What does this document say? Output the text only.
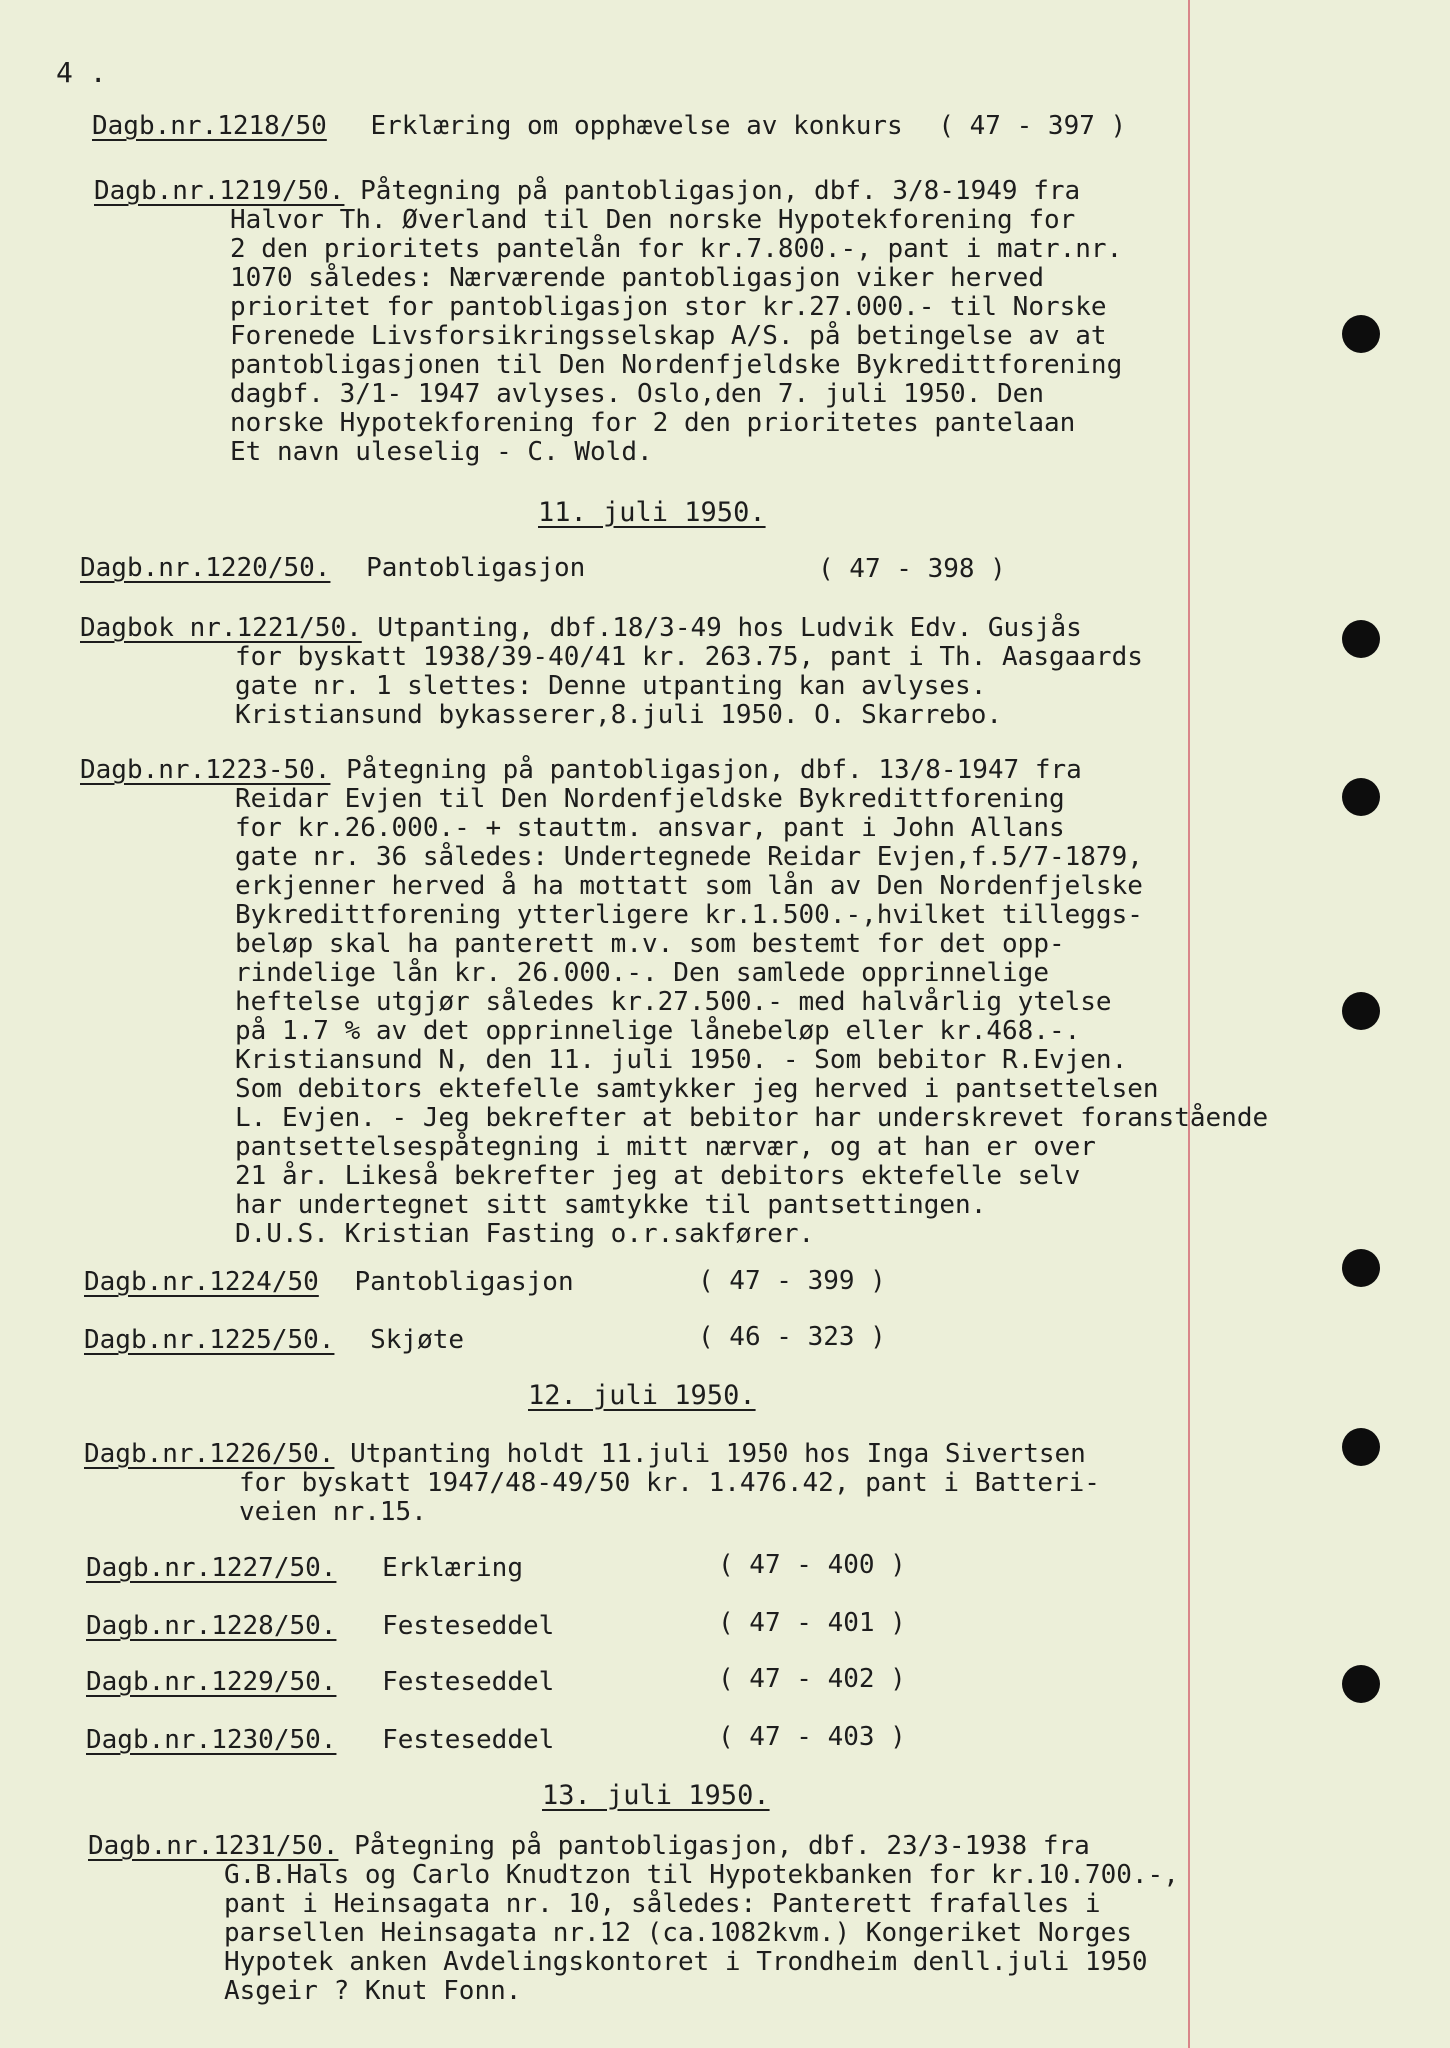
4 .
Dagb.nr.1218/50 Erklæring om opphævelse av konkurs ( 47 - 397 )
Dagb.nr.1219/50. Påtegning på pantobligasjon, dbf. 3/8-1949 fra
Halvor Th. Øverland til Den norske Hypotekforening for
2 den prioritets pantelån for kr.7.800.-, pant i matr.nr.
1070 således: Nærværende pantobligasjon viker herved
prioritet for pantobligasjon stor kr.27.000.- til Norske
Forenede Livsforsikringsselskap A/S. på betingelse av at
pantobligasjonen til Den Nordenfjeldske Bykredittforening
dagbf. 3/1- 1947 avlyses. Oslo,den 7. juli 1950. Den
norske Hypotekforening for 2 den prioritetes pantelaan
Et navn uleselig - C. Wold.
11. juli 1950.
Dagb.nr.1220/50. Pantobligasjon	( 47 - 398 )
Dagbok nr.1221/50. Utpanting, dbf.18/3-49 hos Ludvik Edv. Gusjås
for byskatt 1938/39-40/41 kr. 263.75, pant i Th. Aasgaards
gate nr. 1 slettes: Denne utpanting kan avlyses.
Kristiansund bykasserer,8.juli 1950. O. Skarrebo.
Dagb.nr.1223-50. Påtegning på pantobligasjon, dbf. 13/8-1947 fra
Reidar Evjen til Den Nordenfjeldske Bykredittforening
for kr.26.000.- + stauttm. ansvar, pant i John Allans
gate nr. 36 således: Undertegnede Reidar Evjen,f.5/7-1879,
erkjenner herved å ha mottatt som lån av Den Nordenfjelske
Bykredittforening ytterligere kr.1.500.-,hvilket tilleggs-
beløp skal ha panterett m.v. som bestemt for det opp-
rindelige lån kr. 26.000.-. Den samlede opprinnelige
heftelse utgjør således kr.27.500.- med halvårlig ytelse
på 1.7 % av det opprinnelige lånebeløp eller kr.468.-.
Kristiansund N, den 11. juli 1950. - Som bebitor R.Evjen.
Som debitors ektefelle samtykker jeg herved i pantsettelsen
L. Evjen. - Jeg bekrefter at bebitor har underskrevet foranstående
pantsettelsespåtegning i mitt nærvær, og at han er over
21 år. Likeså bekrefter jeg at debitors ektefelle selv
har undertegnet sitt samtykke til pantsettingen.
D.U.S. Kristian Fasting o.r.sakfører.
Dagb.nr.1224/50 Pantobligasjon	( 47 - 399 )
Dagb.nr.1225/50. Skjøte	( 46 - 323 )
12. juli 1950.
Dagb.nr.1226/50. Utpanting holdt 11.juli 1950 hos Inga Sivertsen
for byskatt 1947/48-49/50 kr. 1.476.42, pant i Batteri-
veien nr.15.
Dagb.nr.1227/50. Erklæring	( 47 - 400 )
Dagb.nr.1228/50. Festeseddel	( 47 - 401 )
Dagb.nr.1229/50. Festeseddel	( 47 - 402 )
Dagb.nr.1230/50. Festeseddel	( 47 - 403 )
13. juli 1950.
Dagb.nr.1231/50. Påtegning på pantobligasjon, dbf. 23/3-1938 fra
G.B.Hals og Carlo Knudtzon til Hypotekbanken for kr.10.700.-,
pant i Heinsagata nr. 10, således: Panterett frafalles i
parsellen Heinsagata nr.12 (ca.1082kvm.) Kongeriket Norges
Hypotek anken Avdelingskontoret i Trondheim denll.juli 1950
Asgeir ? Knut Fonn.
